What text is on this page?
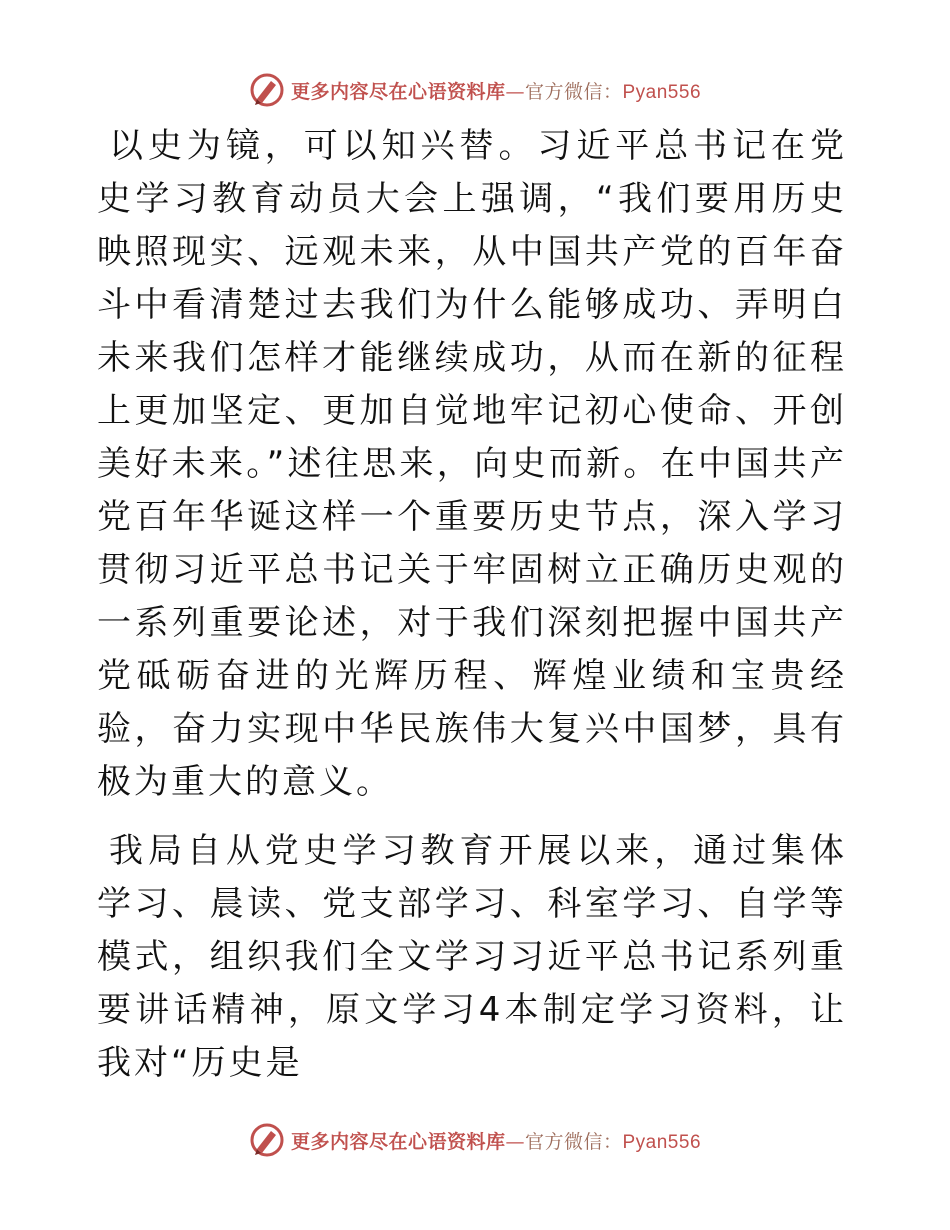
更多内容尽在心语资料库—官方微信：Pyan556

以史为镜，可以知兴替。习近平总书记在党史学习教育动员大会上强调，“我们要用历史映照现实、远观未来，从中国共产党的百年奋斗中看清楚过去我们为什么能够成功、弄明白未来我们怎样才能继续成功，从而在新的征程上更加坚定、更加自觉地牢记初心使命、开创美好未来。”述往思来，向史而新。在中国共产党百年华诞这样一个重要历史节点，深入学习贯彻习近平总书记关于牢固树立正确历史观的一系列重要论述，对于我们深刻把握中国共产党砥砺奋进的光辉历程、辉煌业绩和宝贵经验，奋力实现中华民族伟大复兴中国梦，具有极为重大的意义。

我局自从党史学习教育开展以来，通过集体学习、晨读、党支部学习、科室学习、自学等模式，组织我们全文学习习近平总书记系列重要讲话精神，原文学习4本制定学习资料，让我对“历史是

更多内容尽在心语资料库—官方微信：Pyan556
